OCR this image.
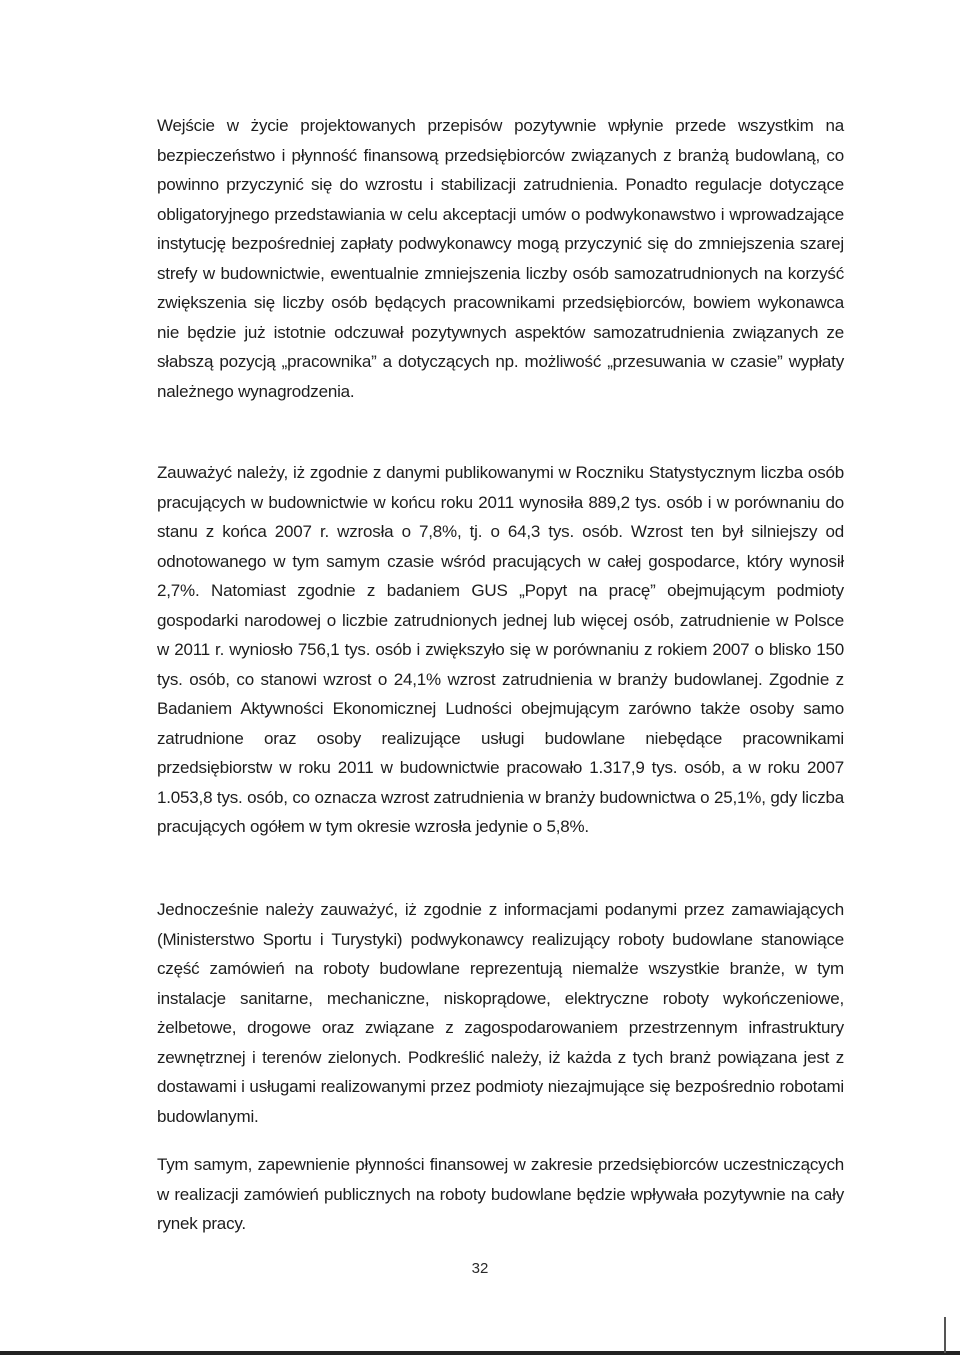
Wejście w życie projektowanych przepisów pozytywnie wpłynie przede wszystkim na bezpieczeństwo i płynność finansową przedsiębiorców związanych z branżą budowlaną, co powinno przyczynić się do wzrostu i stabilizacji zatrudnienia. Ponadto regulacje dotyczące obligatoryjnego przedstawiania w celu akceptacji umów o podwykonawstwo i wprowadzające instytucję bezpośredniej zapłaty podwykonawcy mogą przyczynić się do zmniejszenia szarej strefy w budownictwie, ewentualnie zmniejszenia liczby osób samozatrudnionych na korzyść zwiększenia się liczby osób będących pracownikami przedsiębiorców, bowiem wykonawca nie będzie już istotnie odczuwał pozytywnych aspektów samozatrudnienia związanych ze słabszą pozycją „pracownika” a dotyczących np. możliwość „przesuwania w czasie” wypłaty należnego wynagrodzenia.

Zauważyć należy, iż zgodnie z danymi publikowanymi w Roczniku Statystycznym liczba osób pracujących w budownictwie w końcu roku 2011 wynosiła 889,2 tys. osób i w porównaniu do stanu z końca 2007 r. wzrosła o 7,8%, tj. o 64,3 tys. osób. Wzrost ten był silniejszy od odnotowanego w tym samym czasie wśród pracujących w całej gospodarce, który wynosił 2,7%. Natomiast zgodnie z badaniem GUS „Popyt na pracę” obejmującym podmioty gospodarki narodowej o liczbie zatrudnionych jednej lub więcej osób, zatrudnienie w Polsce w 2011 r. wyniosło 756,1 tys. osób i zwiększyło się w porównaniu z rokiem 2007 o blisko 150 tys. osób, co stanowi wzrost o 24,1% wzrost zatrudnienia w branży budowlanej. Zgodnie z Badaniem Aktywności Ekonomicznej Ludności obejmującym zarówno także osoby samo zatrudnione oraz osoby realizujące usługi budowlane niebędące pracownikami przedsiębiorstw w roku 2011 w budownictwie pracowało 1.317,9 tys. osób, a w roku 2007 1.053,8 tys. osób, co oznacza wzrost zatrudnienia w branży budownictwa o 25,1%, gdy liczba pracujących ogółem w tym okresie wzrosła jedynie o 5,8%.

Jednocześnie należy zauważyć, iż zgodnie z informacjami podanymi przez zamawiających (Ministerstwo Sportu i Turystyki) podwykonawcy realizujący roboty budowlane stanowiące część zamówień na roboty budowlane reprezentują niemalże wszystkie branże, w tym instalacje sanitarne, mechaniczne, niskoprądowe, elektryczne roboty wykończeniowe, żelbetowe, drogowe oraz związane z zagospodarowaniem przestrzennym infrastruktury zewnętrznej i terenów zielonych. Podkreślić należy, iż każda z tych branż powiązana jest z dostawami i usługami realizowanymi przez podmioty niezajmujące się bezpośrednio robotami budowlanymi.

Tym samym, zapewnienie płynności finansowej w zakresie przedsiębiorców uczestniczących w realizacji zamówień publicznych na roboty budowlane będzie wpływała pozytywnie na cały rynek pracy.

32
